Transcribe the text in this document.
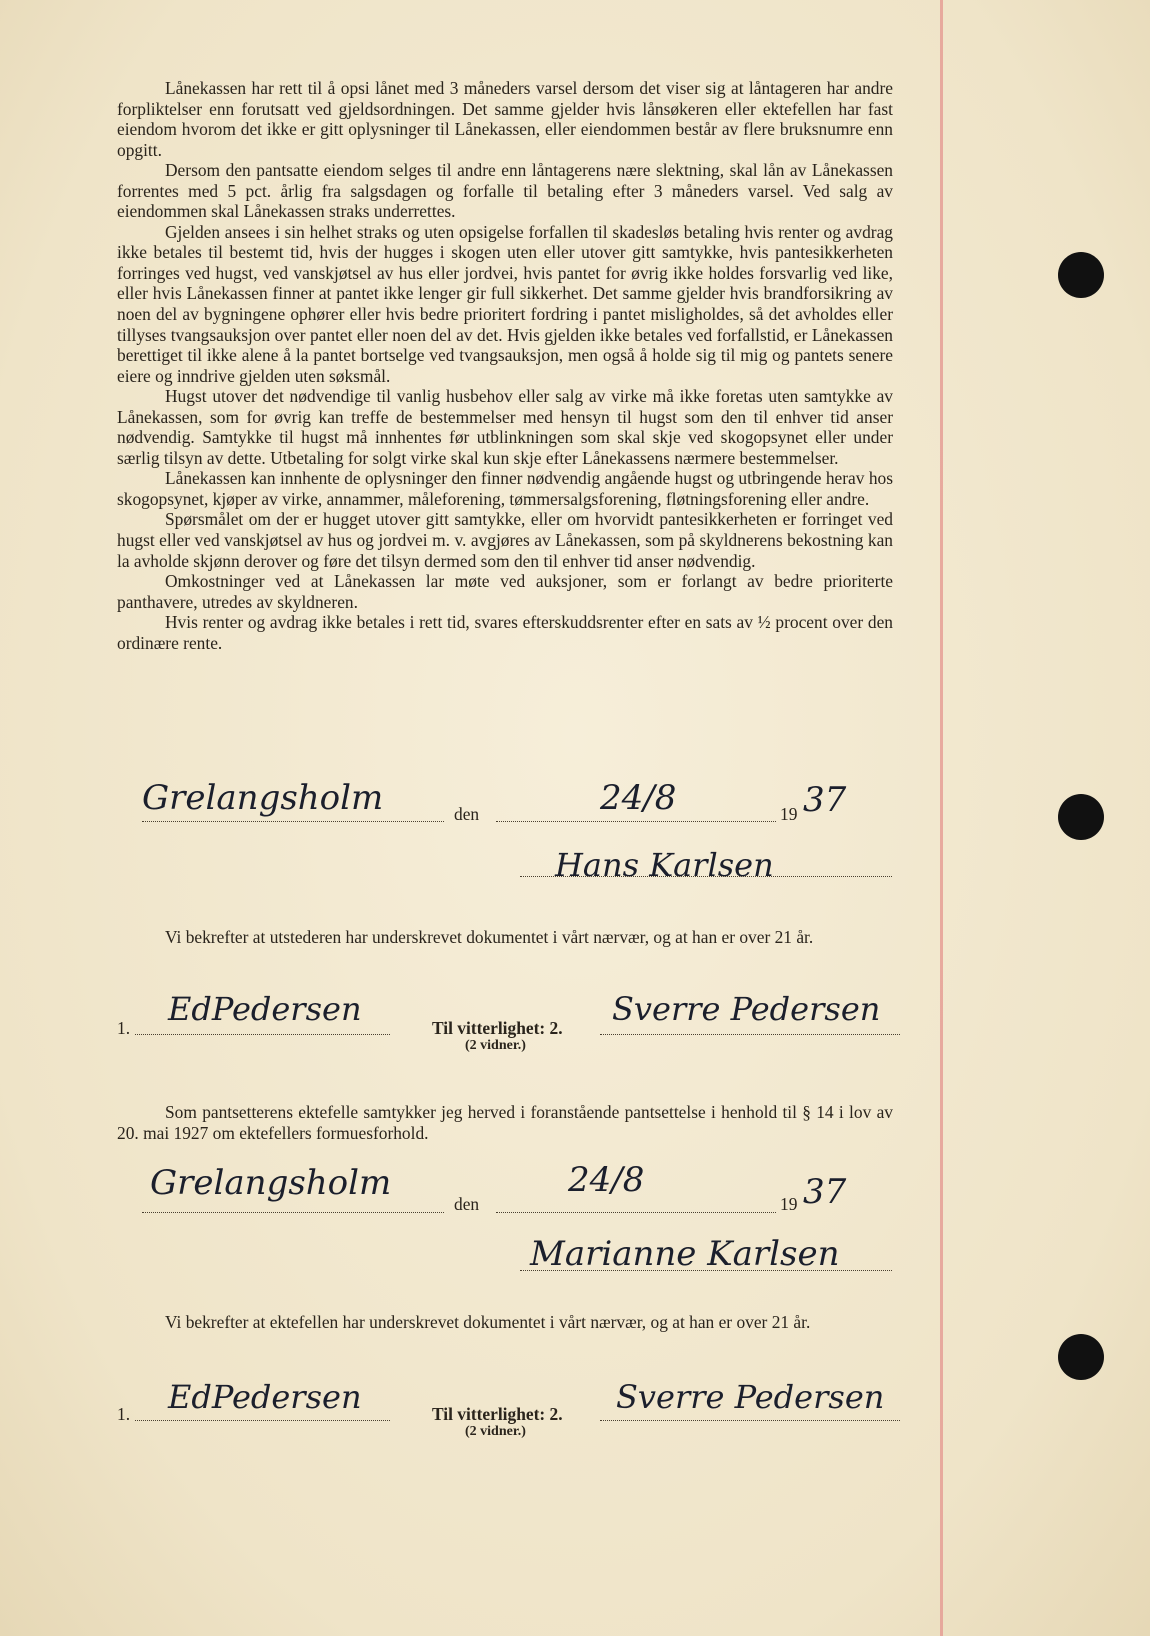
Lånekassen har rett til å opsi lånet med 3 måneders varsel dersom det viser sig at låntageren har andre forpliktelser enn forutsatt ved gjeldsordningen. Det samme gjelder hvis lånsøkeren eller ektefellen har fast eiendom hvorom det ikke er gitt oplysninger til Lånekassen, eller eiendommen består av flere bruksnumre enn opgitt.

Dersom den pantsatte eiendom selges til andre enn låntagerens nære slektning, skal lån av Lånekassen forrentes med 5 pct. årlig fra salgsdagen og forfalle til betaling efter 3 måneders varsel. Ved salg av eiendommen skal Lånekassen straks underrettes.

Gjelden ansees i sin helhet straks og uten opsigelse forfallen til skadesløs betaling hvis renter og avdrag ikke betales til bestemt tid, hvis der hugges i skogen uten eller utover gitt samtykke, hvis pantesikkerheten forringes ved hugst, ved vanskjøtsel av hus eller jordvei, hvis pantet for øvrig ikke holdes forsvarlig ved like, eller hvis Lånekassen finner at pantet ikke lenger gir full sikkerhet. Det samme gjelder hvis brandforsikring av noen del av bygningene ophører eller hvis bedre prioritert fordring i pantet misligholdes, så det avholdes eller tillyses tvangsauksjon over pantet eller noen del av det. Hvis gjelden ikke betales ved forfallstid, er Lånekassen berettiget til ikke alene å la pantet bortselge ved tvangsauksjon, men også å holde sig til mig og pantets senere eiere og inndrive gjelden uten søksmål.

Hugst utover det nødvendige til vanlig husbehov eller salg av virke må ikke foretas uten samtykke av Lånekassen, som for øvrig kan treffe de bestemmelser med hensyn til hugst som den til enhver tid anser nødvendig. Samtykke til hugst må innhentes før utblinkningen som skal skje ved skogopsynet eller under særlig tilsyn av dette. Utbetaling for solgt virke skal kun skje efter Lånekassens nærmere bestemmelser.

Lånekassen kan innhente de oplysninger den finner nødvendig angående hugst og utbringende herav hos skogopsynet, kjøper av virke, annammer, måleforening, tømmersalgsforening, fløtningsforening eller andre.

Spørsmålet om der er hugget utover gitt samtykke, eller om hvorvidt pantesikkerheten er forringet ved hugst eller ved vanskjøtsel av hus og jordvei m. v. avgjøres av Lånekassen, som på skyldnerens bekostning kan la avholde skjønn derover og føre det tilsyn dermed som den til enhver tid anser nødvendig.

Omkostninger ved at Lånekassen lar møte ved auksjoner, som er forlangt av bedre prioriterte panthavere, utredes av skyldneren.

Hvis renter og avdrag ikke betales i rett tid, svares efterskuddsrenter efter en sats av ½ procent over den ordinære rente.

Grelangsholm	den	24/8	19 37
Hans Karlsen

Vi bekrefter at utstederen har underskrevet dokumentet i vårt nærvær, og at han er over 21 år.

1. EdPedersen	Til vitterlighet: 2. Sverre Pedersen
(2 vidner.)

Som pantsetterens ektefelle samtykker jeg herved i foranstående pantsettelse i henhold til § 14 i lov av 20. mai 1927 om ektefellers formuesforhold.

Grelangsholm
den
24/8
19 37
Marianne Karlsen

Vi bekrefter at ektefellen har underskrevet dokumentet i vårt nærvær, og at han er over 21 år.

1. EdPedersen	Til vitterlighet: 2. Sverre Pedersen
(2 vidner.)
